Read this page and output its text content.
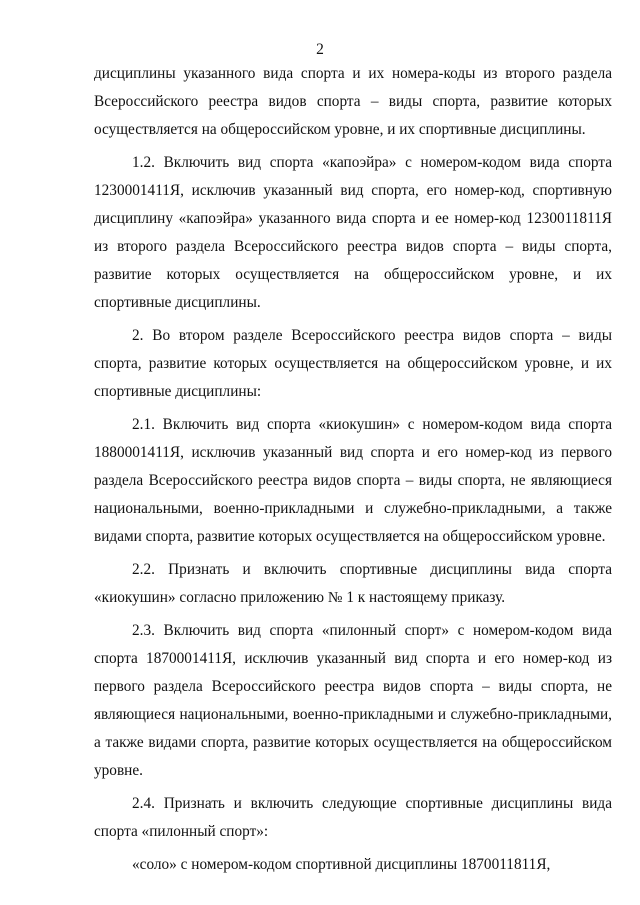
2

дисциплины указанного вида спорта и их номера-коды из второго раздела Всероссийского реестра видов спорта – виды спорта, развитие которых осуществляется на общероссийском уровне, и их спортивные дисциплины.

1.2. Включить вид спорта «капоэйра» с номером-кодом вида спорта 1230001411Я, исключив указанный вид спорта, его номер-код, спортивную дисциплину «капоэйра» указанного вида спорта и ее номер-код 1230011811Я из второго раздела Всероссийского реестра видов спорта – виды спорта, развитие которых осуществляется на общероссийском уровне, и их спортивные дисциплины.

2. Во втором разделе Всероссийского реестра видов спорта – виды спорта, развитие которых осуществляется на общероссийском уровне, и их спортивные дисциплины:

2.1. Включить вид спорта «киокушин» с номером-кодом вида спорта 1880001411Я, исключив указанный вид спорта и его номер-код из первого раздела Всероссийского реестра видов спорта – виды спорта, не являющиеся национальными, военно-прикладными и служебно-прикладными, а также видами спорта, развитие которых осуществляется на общероссийском уровне.

2.2. Признать и включить спортивные дисциплины вида спорта «киокушин» согласно приложению № 1 к настоящему приказу.

2.3. Включить вид спорта «пилонный спорт» с номером-кодом вида спорта 1870001411Я, исключив указанный вид спорта и его номер-код из первого раздела Всероссийского реестра видов спорта – виды спорта, не являющиеся национальными, военно-прикладными и служебно-прикладными, а также видами спорта, развитие которых осуществляется на общероссийском уровне.

2.4. Признать и включить следующие спортивные дисциплины вида спорта «пилонный спорт»:

«соло» с номером-кодом спортивной дисциплины 1870011811Я,
